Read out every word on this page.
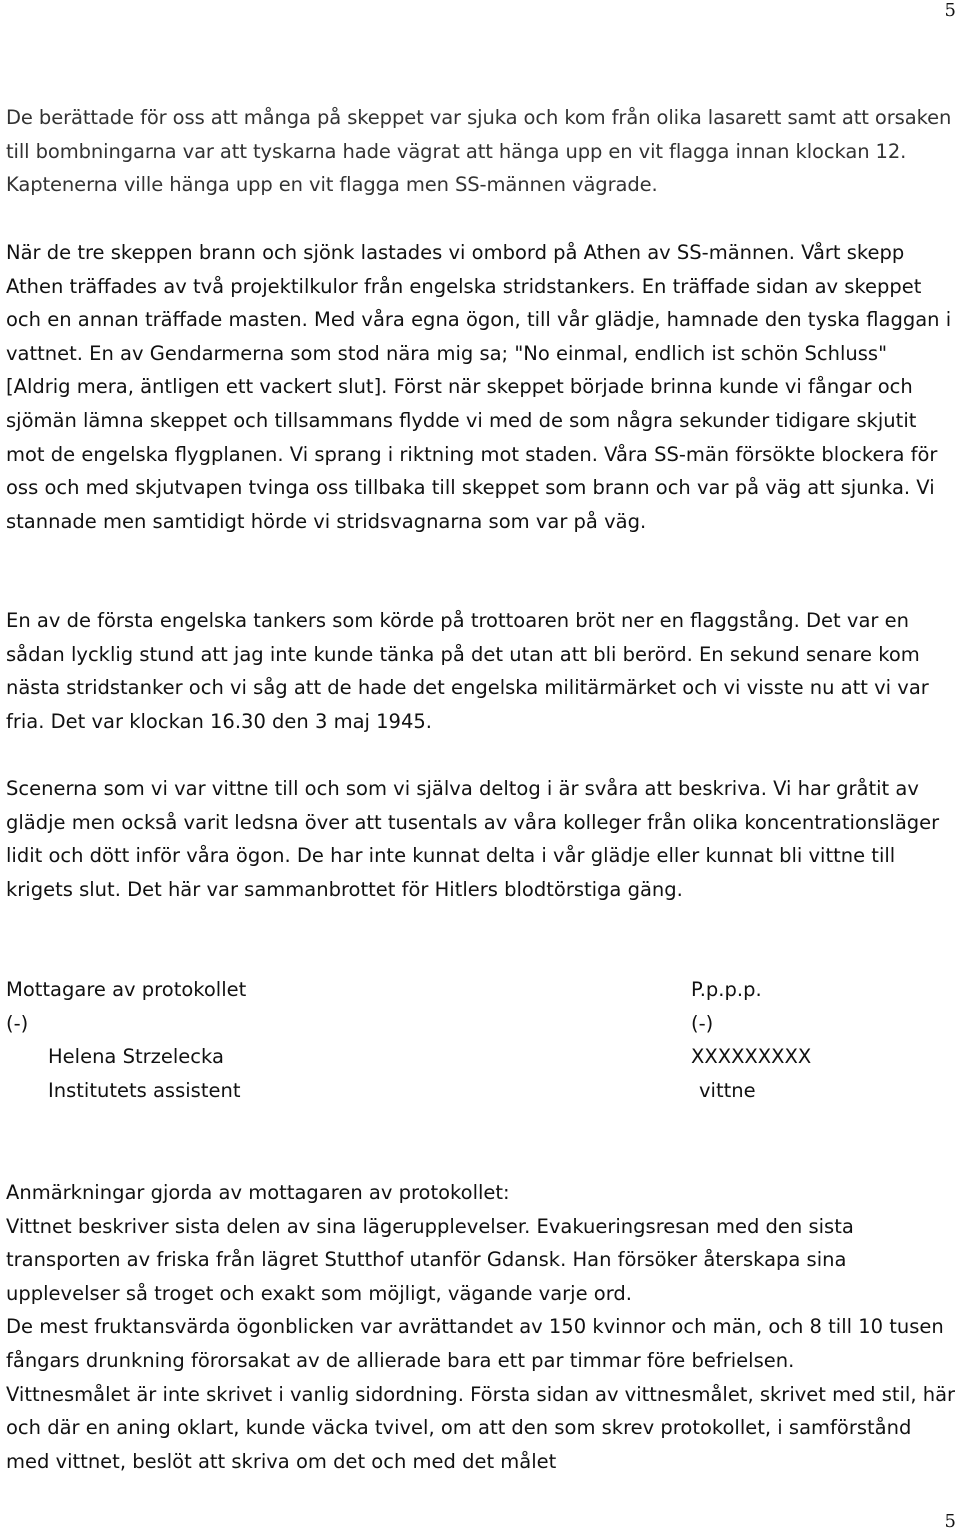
5

De berättade för oss att många på skeppet var sjuka och kom från olika lasarett samt att orsaken till bombningarna var att tyskarna hade vägrat att hänga upp en vit flagga innan klockan 12. Kaptenerna ville hänga upp en vit flagga men SS-männen vägrade.

När de tre skeppen brann och sjönk lastades vi ombord på Athen av SS-männen. Vårt skepp Athen träffades av två projektilkulor från engelska stridstankers. En träffade sidan av skeppet och en annan träffade masten. Med våra egna ögon, till vår glädje, hamnade den tyska flaggan i vattnet. En av Gendarmerna som stod nära mig sa; "No einmal, endlich ist schön Schluss" [Aldrig mera, äntligen ett vackert slut]. Först när skeppet började brinna kunde vi fångar och sjömän lämna skeppet och tillsammans flydde vi med de som några sekunder tidigare skjutit mot de engelska flygplanen. Vi sprang i riktning mot staden. Våra SS-män försökte blockera för oss och med skjutvapen tvinga oss tillbaka till skeppet som brann och var på väg att sjunka. Vi stannade men samtidigt hörde vi stridsvagnarna som var på väg.

En av de första engelska tankers som körde på trottoaren bröt ner en flaggstång. Det var en sådan lycklig stund att jag inte kunde tänka på det utan att bli berörd. En sekund senare kom nästa stridstanker och vi såg att de hade det engelska militärmärket och vi visste nu att vi var fria. Det var klockan 16.30 den 3 maj 1945.

Scenerna som vi var vittne till och som vi själva deltog i är svåra att beskriva. Vi har gråtit av glädje men också varit ledsna över att tusentals av våra kolleger från olika koncentrationsläger lidit och dött inför våra ögon. De har inte kunnat delta i vår glädje eller kunnat bli vittne till krigets slut. Det här var sammanbrottet för Hitlers blodtörstiga gäng.

Mottagare av protokollet
(-)
Helena Strzelecka
Institutets assistent
P.p.p.p.
(-)
XXXXXXXXX
vittne

Anmärkningar gjorda av mottagaren av protokollet:

Vittnet beskriver sista delen av sina lägerupplevelser. Evakueringsresan med den sista transporten av friska från lägret Stutthof utanför Gdansk. Han försöker återskapa sina upplevelser så troget och exakt som möjligt, vägande varje ord.

De mest fruktansvärda ögonblicken var avrättandet av 150 kvinnor och män, och 8 till 10 tusen fångars drunkning förorsakat av de allierade bara ett par timmar före befrielsen.

Vittnesmålet är inte skrivet i vanlig sidordning. Första sidan av vittnesmålet, skrivet med stil, här och där en aning oklart, kunde väcka tvivel, om att den som skrev protokollet, i samförstånd med vittnet, beslöt att skriva om det och med det målet

5
